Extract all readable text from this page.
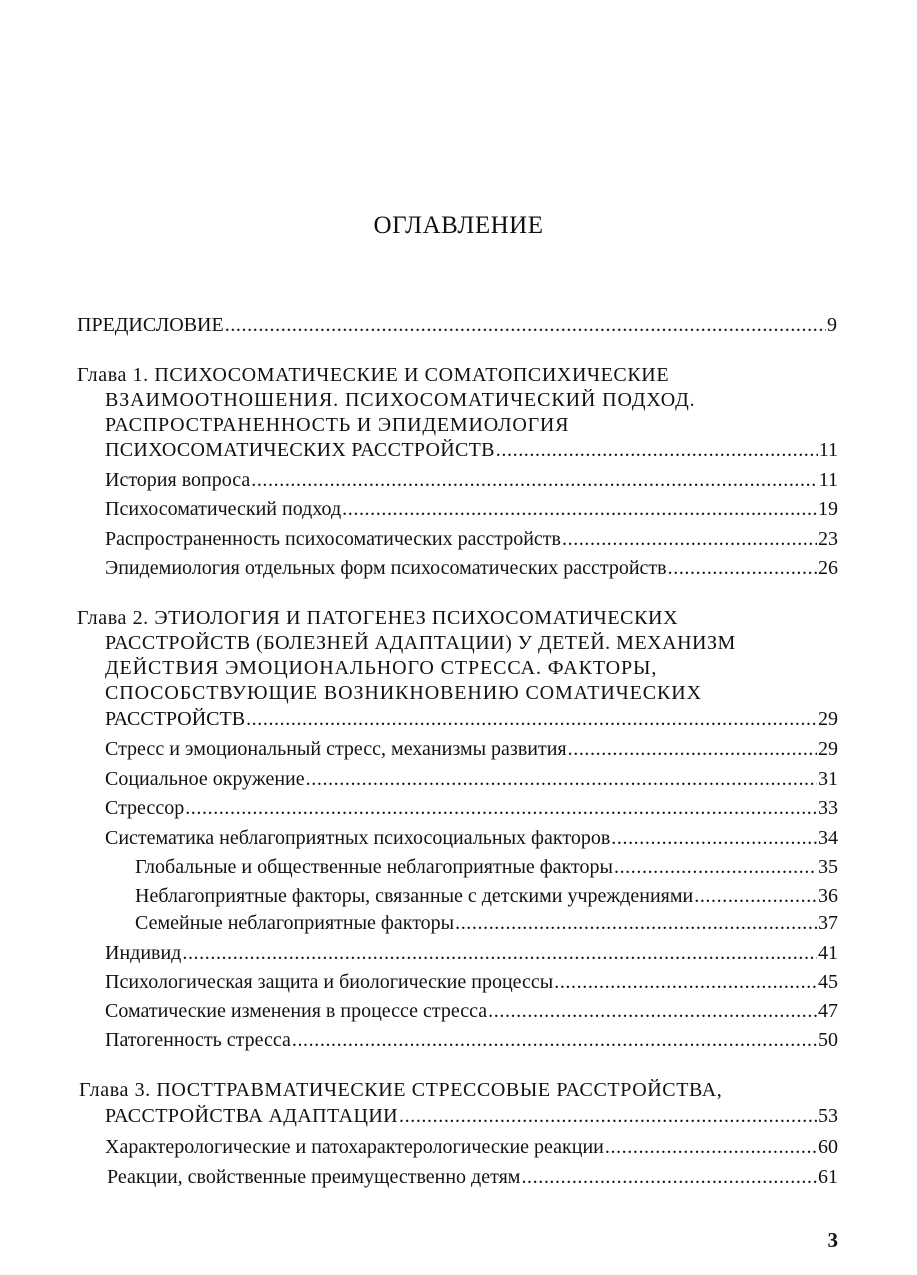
ОГЛАВЛЕНИЕ
ПРЕДИСЛОВИЕ .....	9
Глава 1. ПСИХОСОМАТИЧЕСКИЕ И СОМАТОПСИХИЧЕСКИЕ
ВЗАИМООТНОШЕНИЯ. ПСИХОСОМАТИЧЕСКИЙ ПОДХОД.
РАСПРОСТРАНЕННОСТЬ И ЭПИДЕМИОЛОГИЯ
ПСИХОСОМАТИЧЕСКИХ РАССТРОЙСТВ .....	11
История вопроса .....	11
Психосоматический подход .....	19
Распространенность психосоматических расстройств .....	23
Эпидемиология отдельных форм психосоматических расстройств .....	26
Глава 2. ЭТИОЛОГИЯ И ПАТОГЕНЕЗ ПСИХОСОМАТИЧЕСКИХ
РАССТРОЙСТВ (БОЛЕЗНЕЙ АДАПТАЦИИ) У ДЕТЕЙ. МЕХАНИЗМ
ДЕЙСТВИЯ ЭМОЦИОНАЛЬНОГО СТРЕССА. ФАКТОРЫ,
СПОСОБСТВУЮЩИЕ ВОЗНИКНОВЕНИЮ СОМАТИЧЕСКИХ
РАССТРОЙСТВ .....	29
Стресс и эмоциональный стресс, механизмы развития .....	29
Социальное окружение .....	31
Стрессор .....	33
Систематика неблагоприятных психосоциальных факторов .....	34
Глобальные и общественные неблагоприятные факторы .....	35
Неблагоприятные факторы, связанные с детскими учреждениями .....	36
Семейные неблагоприятные факторы .....	37
Индивид .....	41
Психологическая защита и биологические процессы .....	45
Соматические изменения в процессе стресса .....	47
Патогенность стресса .....	50
Глава 3. ПОСТТРАВМАТИЧЕСКИЕ СТРЕССОВЫЕ РАССТРОЙСТВА,
РАССТРОЙСТВА АДАПТАЦИИ .....	53
Характерологические и патохарактерологические реакции .....	60
Реакции, свойственные преимущественно детям .....	61
3
